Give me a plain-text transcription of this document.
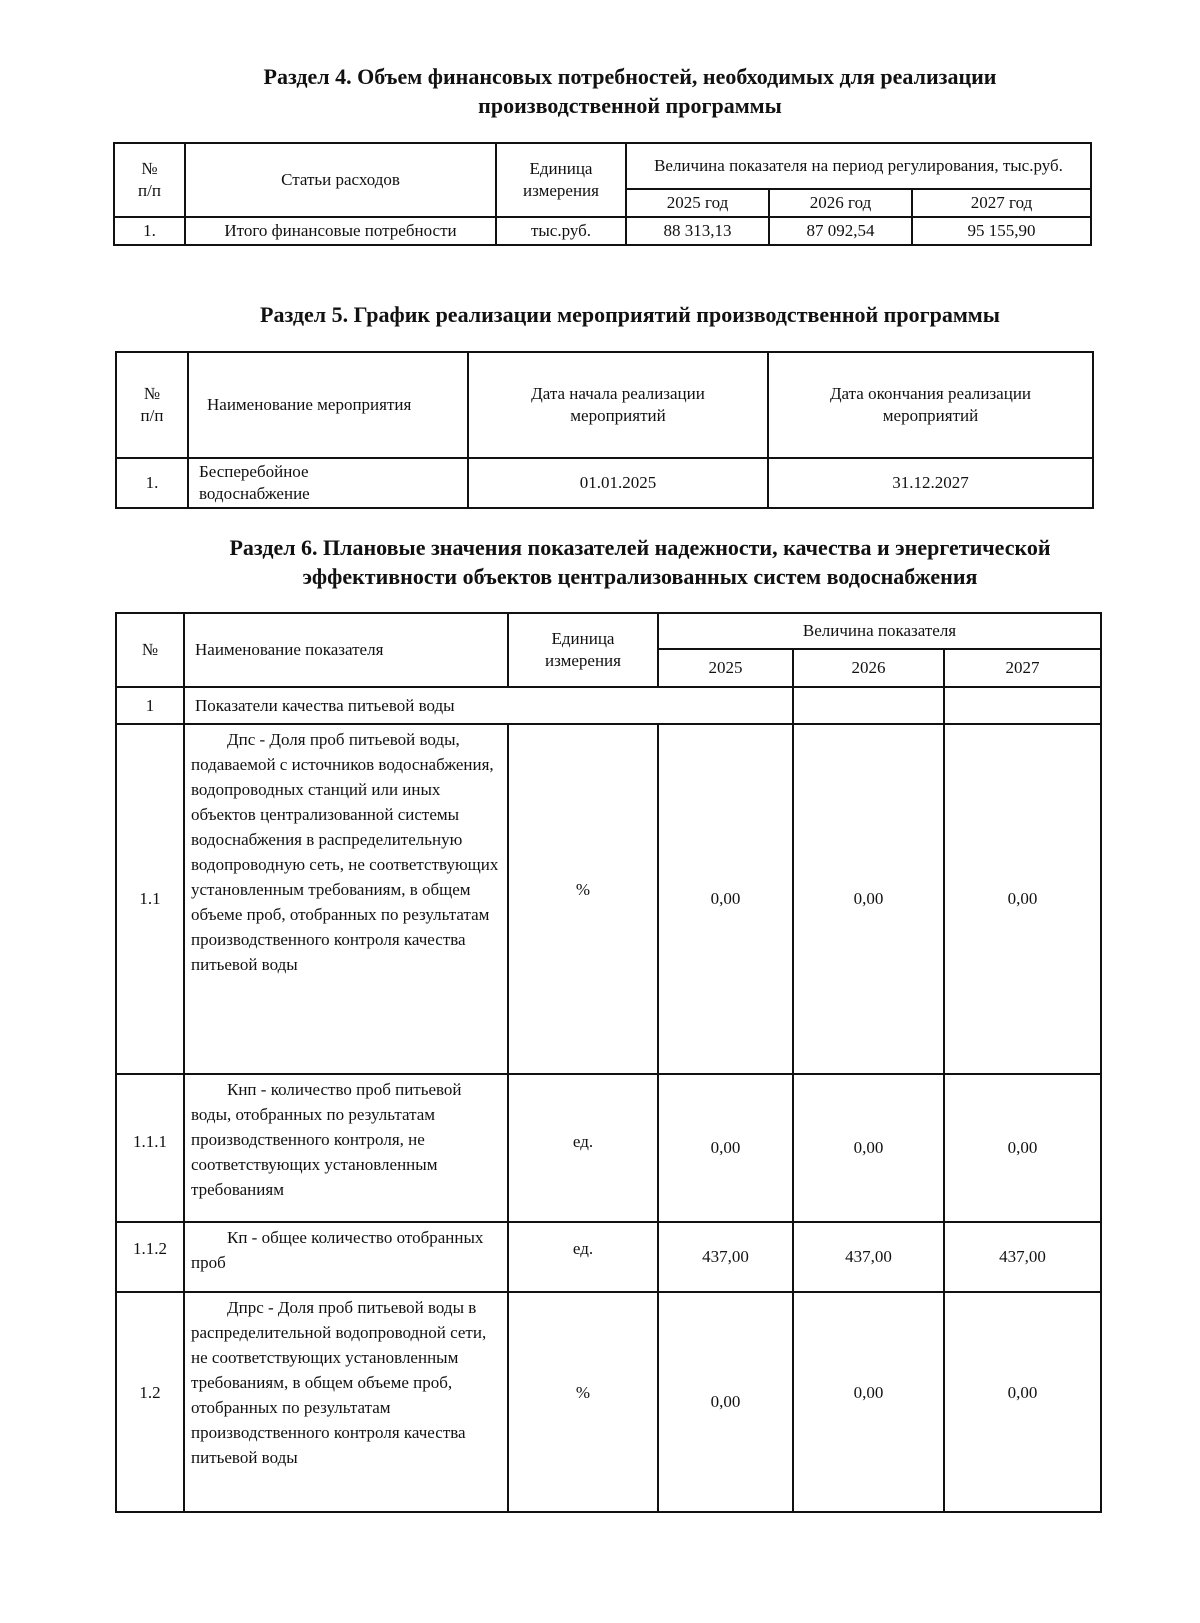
Раздел 4. Объем финансовых потребностей, необходимых для реализации
производственной программы
№
п/п	Статьи расходов	Единица измерения	Величина показателя на период регулирования, тыс.руб.		
			2025 год	2026 год	2027 год
1.	Итого финансовые потребности	тыс.руб.	88 313,13	87 092,54	95 155,90
Раздел 5. График реализации мероприятий производственной программы
№
п/п	Наименование мероприятия	Дата начала реализации мероприятий	Дата окончания реализации мероприятий
1.	Бесперебойное водоснабжение	01.01.2025	31.12.2027
Раздел 6. Плановые значения показателей надежности, качества и энергетической
эффективности объектов централизованных систем водоснабжения
№	Наименование показателя	Единица измерения	Величина показателя		
			2025	2026	2027
1	Показатели качества питьевой воды				
1.1	Дпс - Доля проб питьевой воды, подаваемой с источников водоснабжения, водопроводных станций или иных объектов централизованной системы водоснабжения в распределительную водопроводную сеть, не соответствующих установленным требованиям, в общем объеме проб, отобранных по результатам производственного контроля качества питьевой воды	%	0,00	0,00	0,00
1.1.1	Кнп - количество проб питьевой воды, отобранных по результатам производственного контроля, не соответствующих установленным требованиям	ед.	0,00	0,00	0,00
1.1.2	Кп - общее количество отобранных проб	ед.	437,00	437,00	437,00
1.2	Дпрс - Доля проб питьевой воды в распределительной водопроводной сети, не соответствующих установленным требованиям, в общем объеме проб, отобранных по результатам производственного контроля качества питьевой воды	%	0,00	0,00	0,00
